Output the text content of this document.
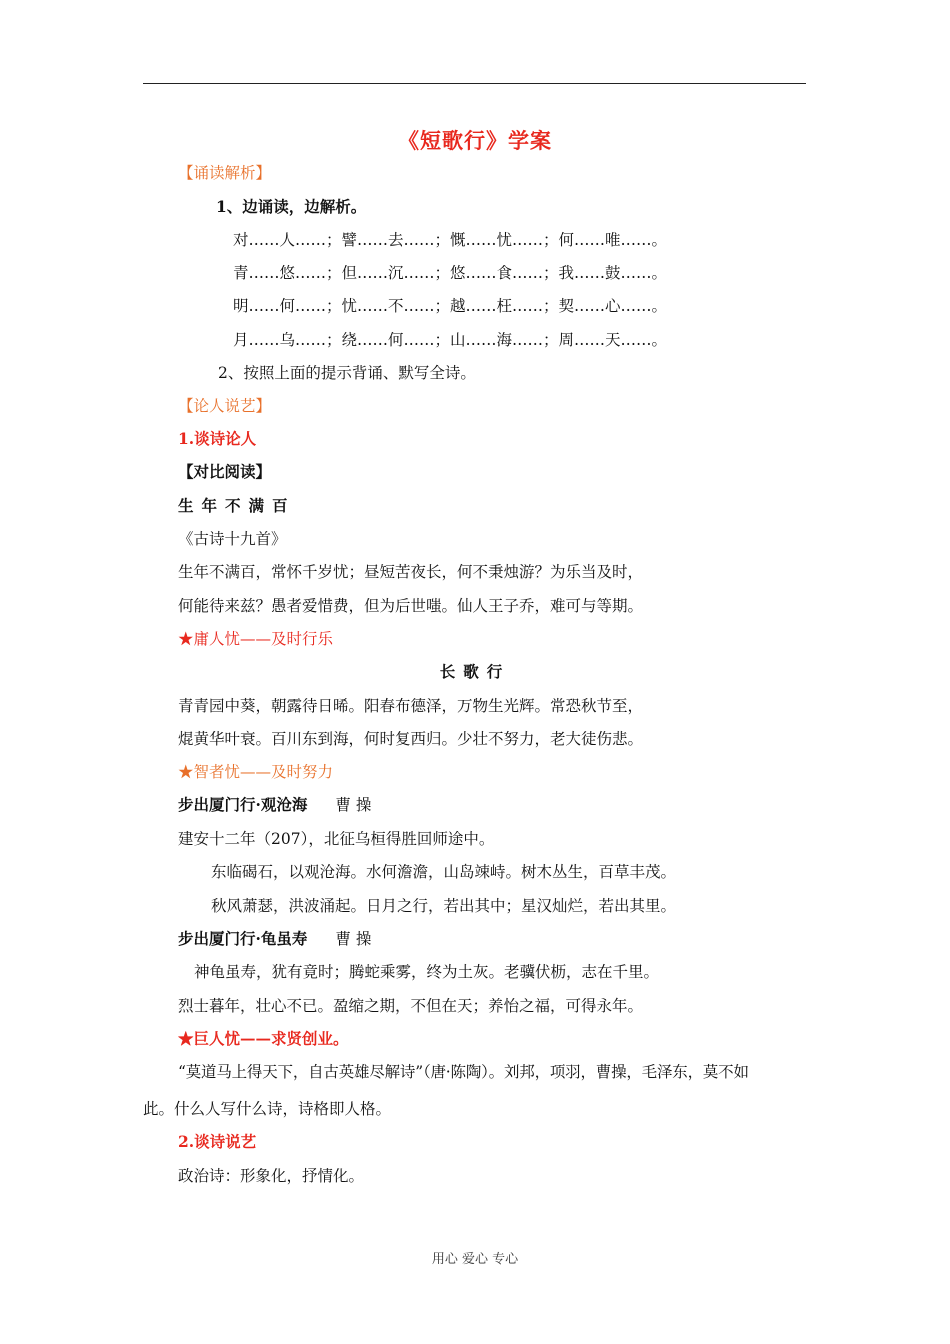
《短歌行》学案
【诵读解析】
1、边诵读，边解析。
对……人……；譬……去……；慨……忧……；何……唯……。
青……悠……；但……沉……；悠……食……；我……鼓……。
明……何……；忧……不……；越……枉……；契……心……。
月……乌……；绕……何……；山……海……；周……天……。
2、按照上面的提示背诵、默写全诗。
【论人说艺】
1.谈诗论人
【对比阅读】
生年不满百
《古诗十九首》
生年不满百，常怀千岁忧；昼短苦夜长，何不秉烛游？为乐当及时，
何能待来兹？愚者爱惜费，但为后世嗤。仙人王子乔，难可与等期。
★庸人忧——及时行乐
长歌行
青青园中葵，朝露待日晞。阳春布德泽，万物生光辉。常恐秋节至，
焜黄华叶衰。百川东到海，何时复西归。少壮不努力，老大徒伤悲。
★智者忧——及时努力
步出厦门行·观沧海 曹 操
建安十二年（207），北征乌桓得胜回师途中。
东临碣石，以观沧海。水何澹澹，山岛竦峙。树木丛生，百草丰茂。
秋风萧瑟，洪波涌起。日月之行，若出其中；星汉灿烂，若出其里。
步出厦门行·龟虽寿 曹 操
神龟虽寿，犹有竟时；腾蛇乘雾，终为土灰。老骥伏枥，志在千里。
烈士暮年，壮心不已。盈缩之期，不但在天；养怡之福，可得永年。
★巨人忧——求贤创业。
“莫道马上得天下，自古英雄尽解诗”（唐·陈陶）。刘邦，项羽，曹操，毛泽东，莫不如
此。什么人写什么诗，诗格即人格。
2.谈诗说艺
政治诗：形象化，抒情化。
用心 爱心 专心
